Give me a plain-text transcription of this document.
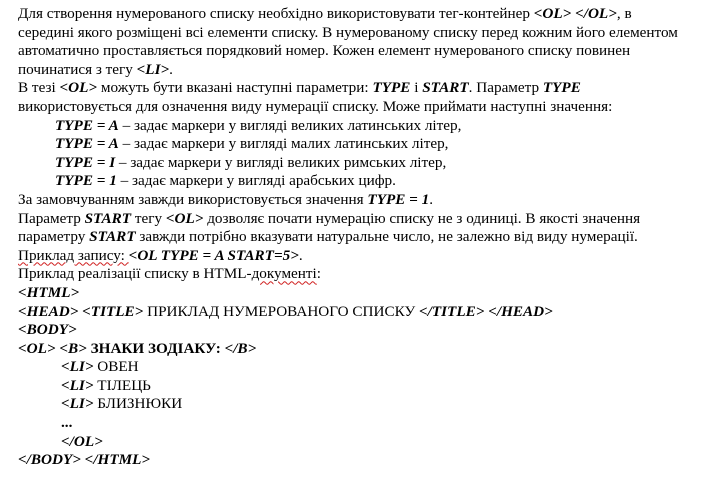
Для створення нумерованого списку необхідно використовувати тег-контейнер <OL> </OL>, в
середині якого розміщені всі елементи списку. В нумерованому списку перед кожним його елементом
автоматично проставляється порядковий номер. Кожен елемент нумерованого списку повинен
починатися з тегу <LI>.
В тезі <OL> можуть бути вказані наступні параметри: TYPE і START. Параметр TYPE
використовується для означення виду нумерації списку. Може приймати наступні значення:
TYPE = A – задає маркери у вигляді великих латинських літер,
TYPE = A – задає маркери у вигляді малих латинських літер,
TYPE = I – задає маркери у вигляді великих римських літер,
TYPE = 1 – задає маркери у вигляді арабських цифр.
За замовчуванням завжди використовується значення TYPE = 1.
Параметр START тегу <OL> дозволяє почати нумерацію списку не з одиниці. В якості значення
параметру START завжди потрібно вказувати натуральне число, не залежно від виду нумерації.
Приклад запису: <OL TYPE = A START=5>.
Приклад реалізації списку в HTML-документі:
<HTML>
<HEAD> <TITLE> ПРИКЛАД НУМЕРОВАНОГО СПИСКУ </TITLE> </HEAD>
<BODY>
<OL> <B> ЗНАКИ ЗОДІАКУ: </B>
<LI> ОВЕН
<LI> ТІЛЕЦЬ
<LI> БЛИЗНЮКИ
...
</OL>
</BODY> </HTML>
